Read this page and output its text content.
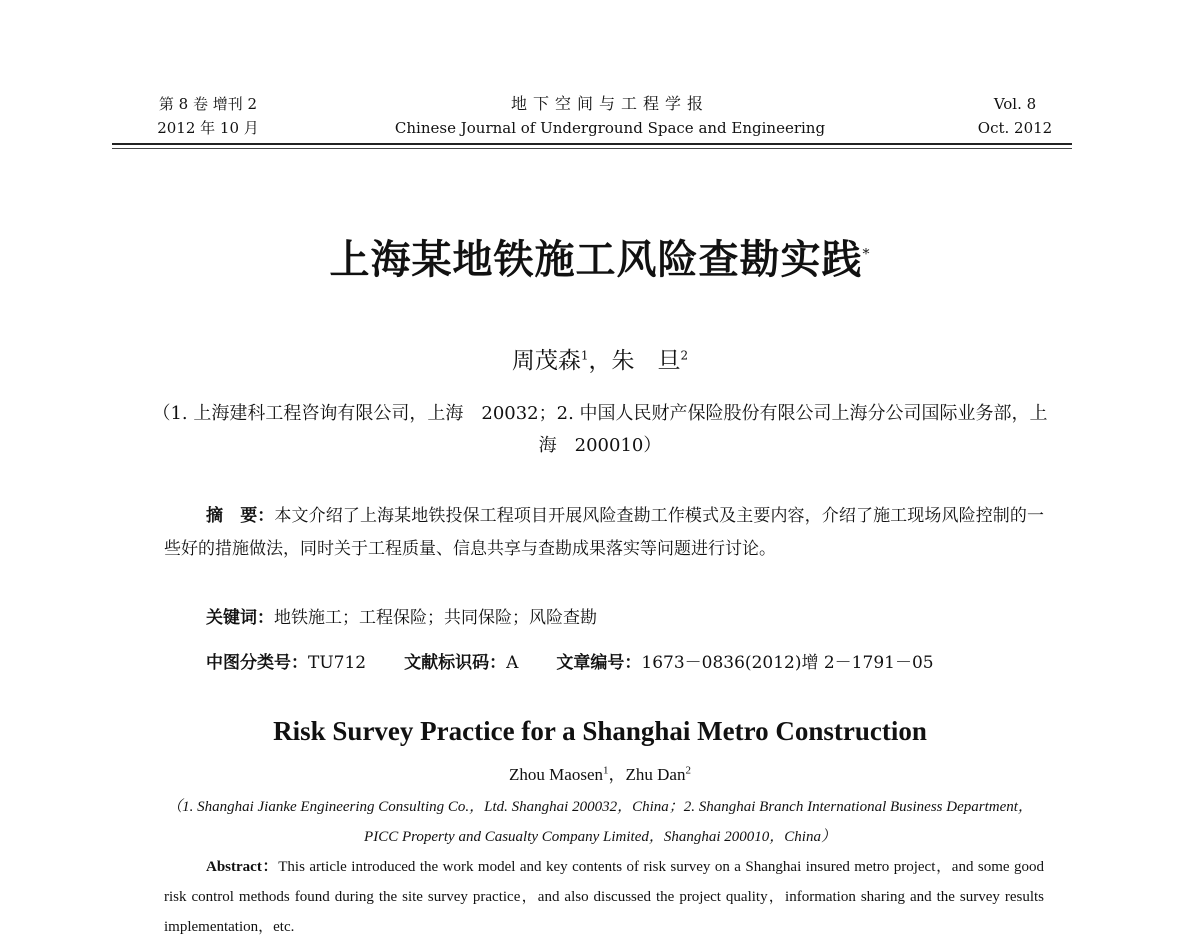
第 8 卷 增刊 2
2012 年 10 月
地下空间与工程学报
Chinese Journal of Underground Space and Engineering
Vol. 8
Oct. 2012
上海某地铁施工风险查勘实践*
周茂森$^1$，朱　旦$^2$
（1. 上海建科工程咨询有限公司，上海　20032；2. 中国人民财产保险股份有限公司上海分公司国际业务部，上海　200010）
摘　要：本文介绍了上海某地铁投保工程项目开展风险查勘工作模式及主要内容，介绍了施工现场风险控制的一些好的措施做法，同时关于工程质量、信息共享与查勘成果落实等问题进行讨论。
关键词：地铁施工；工程保险；共同保险；风险查勘
中图分类号：TU712 文献标识码：A 文章编号：1673－0836(2012)增 2－1791－05
Risk Survey Practice for a Shanghai Metro Construction
Zhou Maosen$^1$，Zhu Dan$^2$
（1. Shanghai Jianke Engineering Consulting Co.，Ltd. Shanghai 200032，China；2. Shanghai Branch International Business Department，PICC Property and Casualty Company Limited，Shanghai 200010，China）
Abstract：This article introduced the work model and key contents of risk survey on a Shanghai insured metro project，and some good risk control methods found during the site survey practice，and also discussed the project quality，information sharing and the survey results implementation，etc.
